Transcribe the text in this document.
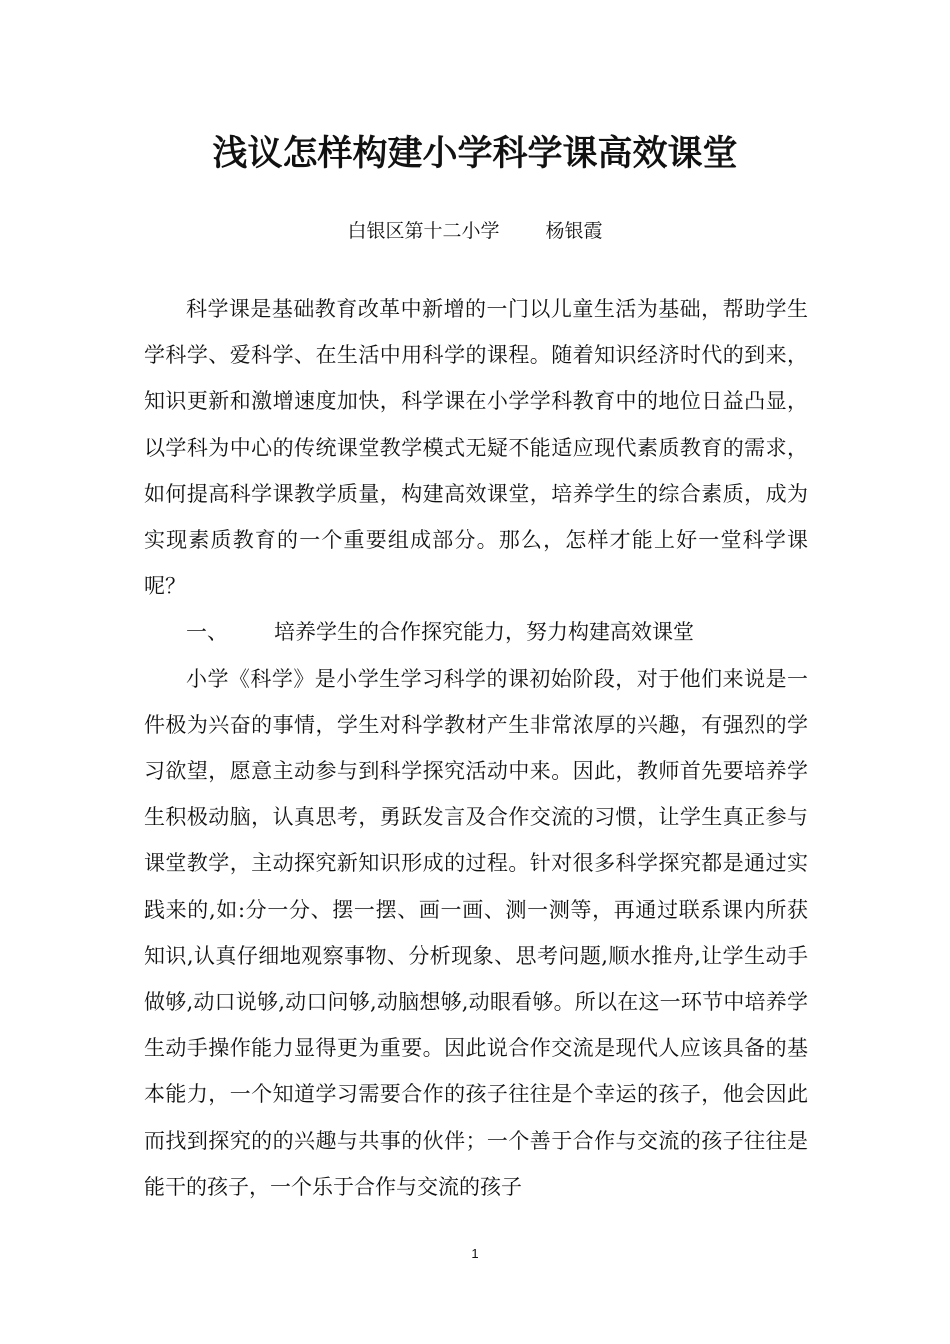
浅议怎样构建小学科学课高效课堂
白银区第十二小学 杨银霞

科学课是基础教育改革中新增的一门以儿童生活为基础，帮助学生学科学、爱科学、在生活中用科学的课程。随着知识经济时代的到来，知识更新和激增速度加快，科学课在小学学科教育中的地位日益凸显，以学科为中心的传统课堂教学模式无疑不能适应现代素质教育的需求，如何提高科学课教学质量，构建高效课堂，培养学生的综合素质，成为实现素质教育的一个重要组成部分。那么，怎样才能上好一堂科学课呢？

一、 培养学生的合作探究能力，努力构建高效课堂

小学《科学》是小学生学习科学的课初始阶段，对于他们来说是一件极为兴奋的事情，学生对科学教材产生非常浓厚的兴趣，有强烈的学习欲望，愿意主动参与到科学探究活动中来。因此，教师首先要培养学生积极动脑，认真思考，勇跃发言及合作交流的习惯，让学生真正参与课堂教学，主动探究新知识形成的过程。针对很多科学探究都是通过实践来的,如:分一分、摆一摆、画一画、测一测等，再通过联系课内所获知识,认真仔细地观察事物、分析现象、思考问题,顺水推舟,让学生动手做够,动口说够,动口问够,动脑想够,动眼看够。所以在这一环节中培养学生动手操作能力显得更为重要。因此说合作交流是现代人应该具备的基本能力，一个知道学习需要合作的孩子往往是个幸运的孩子，他会因此而找到探究的的兴趣与共事的伙伴；一个善于合作与交流的孩子往往是能干的孩子，一个乐于合作与交流的孩子

1
